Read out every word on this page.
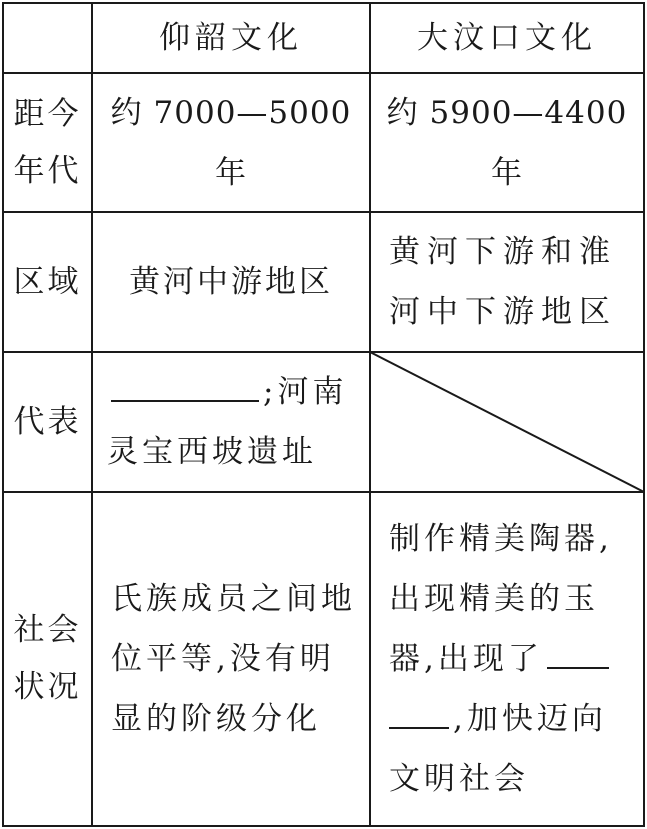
仰韶文化	大汶口文化
距今
年代
约 7000—5000 年
约 5900—4400 年
区域	黄河中游地区
黄河下游和淮
河中下游地区
代表
;河南
灵宝西坡遗址
社会
状况
氏族成员之间地
位平等,没有明
显的阶级分化
制作精美陶器,
出现精美的玉
器,出现了
,加快迈向
文明社会
